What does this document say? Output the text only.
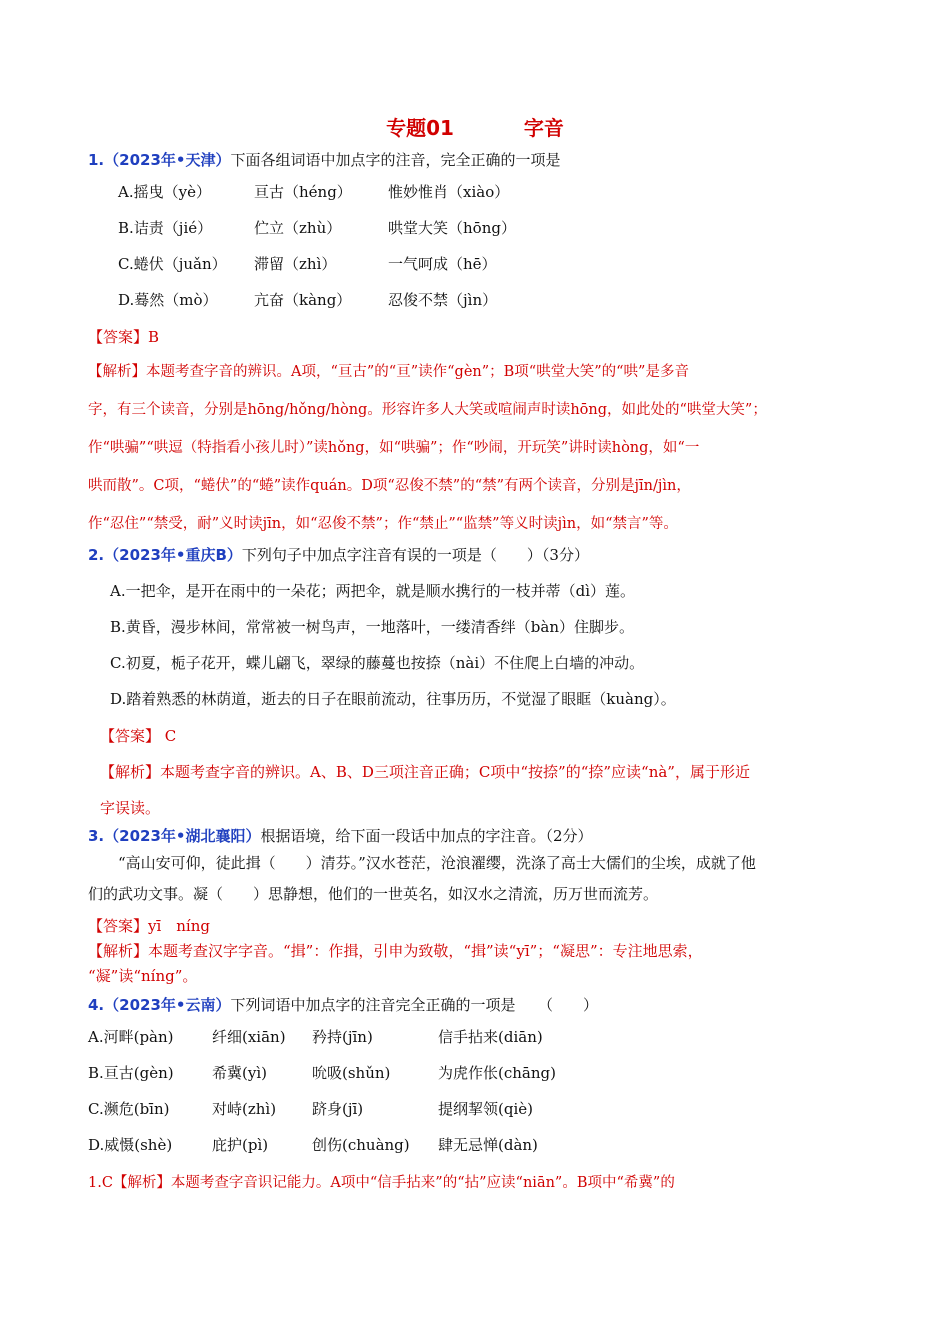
专题01	字音
1.（2023年•天津）下面各组词语中加点字的注音，完全正确的一项是
A.摇曳（yè）	亘古（héng） 惟妙惟肖（xiào）
B.诘责（jié）	伫立（zhù）	哄堂大笑（hōng）
C.蜷伏（juǎn） 滞留（zhì）	一气呵成（hē）
D.蓦然（mò） 亢奋（kàng） 忍俊不禁（jìn）
【答案】B
【解析】本题考查字音的辨识。A项，“亘古”的“亘”读作“gèn”；B项“哄堂大笑”的“哄”是多音
字，有三个读音，分别是hōng/hǒng/hòng。形容许多人大笑或喧闹声时读hōng，如此处的“哄堂大笑”；
作“哄骗”“哄逗（特指看小孩儿时）”读hǒng，如“哄骗”；作“吵闹，开玩笑”讲时读hòng，如“一
哄而散”。C项，“蜷伏”的“蜷”读作quán。D项“忍俊不禁”的“禁”有两个读音，分别是jīn/jìn，
作“忍住”“禁受，耐”义时读jīn，如“忍俊不禁”；作“禁止”“监禁”等义时读jìn，如“禁言”等。
2.（2023年•重庆B）下列句子中加点字注音有误的一项是（　　）（3分）
A.一把伞，是开在雨中的一朵花；两把伞，就是顺水携行的一枝并蒂（dì）莲。
B.黄昏，漫步林间，常常被一树鸟声，一地落叶，一缕清香绊（bàn）住脚步。
C.初夏，栀子花开，蝶儿翩飞，翠绿的藤蔓也按捺（nài）不住爬上白墙的冲动。
D.踏着熟悉的林荫道，逝去的日子在眼前流动，往事历历，不觉湿了眼眶（kuàng）。
【答案】 C
【解析】本题考查字音的辨识。A、B、D三项注音正确；C项中“按捺”的“捺”应读“nà”，属于形近
字误读。
3.（2023年•湖北襄阳）根据语境，给下面一段话中加点的字注音。（2分）
“高山安可仰，徒此揖（　　）清芬。”汉水苍茫，沧浪濯缨，洗涤了高士大儒们的尘埃，成就了他
们的武功文事。凝（　　）思静想，他们的一世英名，如汉水之清流，历万世而流芳。
【答案】yī　níng
【解析】本题考查汉字字音。“揖”：作揖，引申为致敬，“揖”读“yī”；“凝思”：专注地思索，
“凝”读“níng”。
4.（2023年•云南）下列词语中加点字的注音完全正确的一项是　　（　　）
A.河畔(pàn)	纤细(xiān) 矜持(jīn)	信手拈来(diān)
B.亘古(gèn)	希冀(yì)	吮吸(shǔn)	为虎作伥(chāng)
C.濒危(bīn)	对峙(zhì) 跻身(jī)	提纲挈领(qiè)
D.威慑(shè)	庇护(pì)	创伤(chuàng) 肆无忌惮(dàn)
1.C【解析】本题考查字音识记能力。A项中“信手拈来”的“拈”应读“niān”。B项中“希冀”的
